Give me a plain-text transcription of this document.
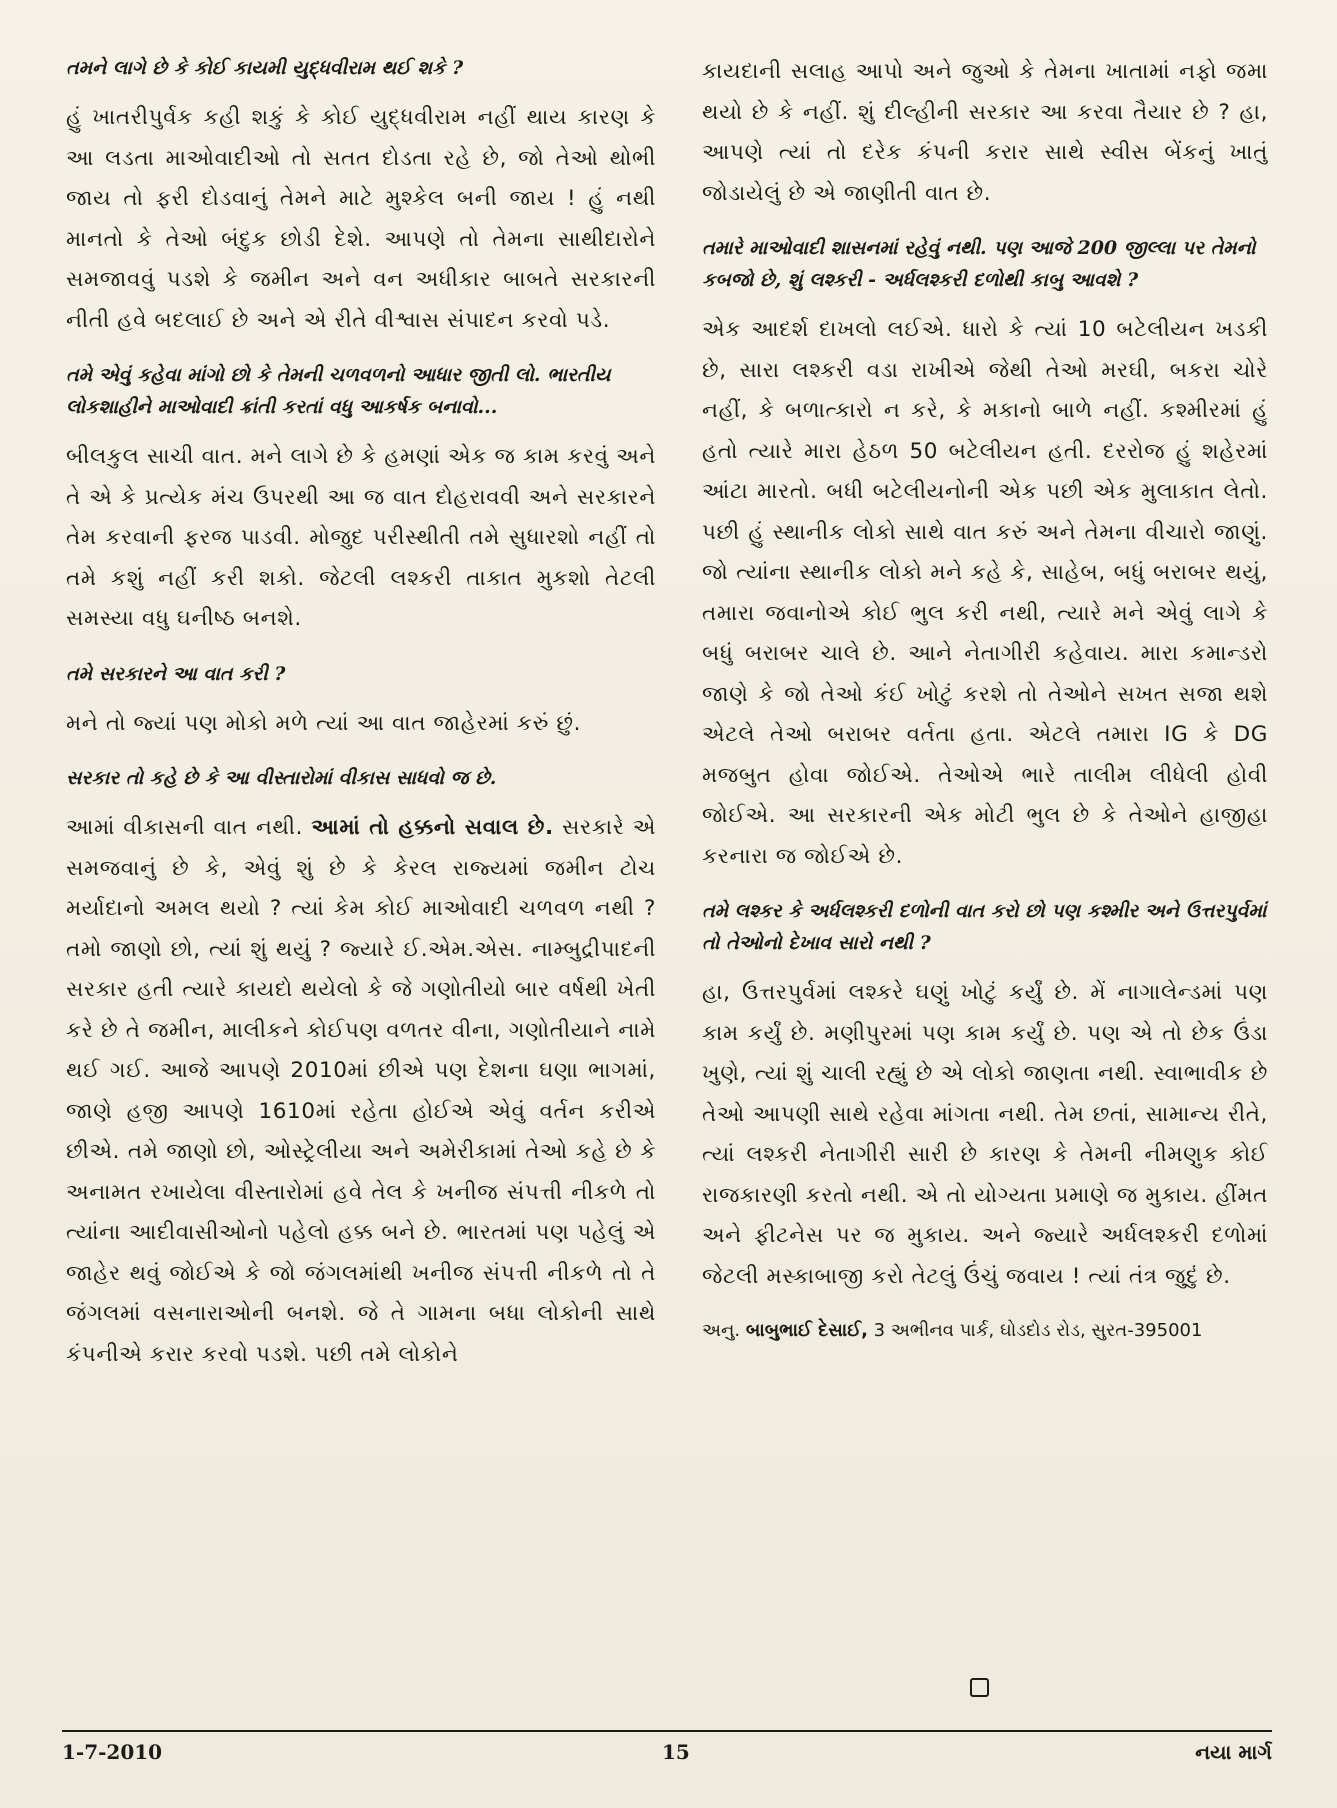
તમને લાગે છે કે કોઈ કાયમી યુદ્ધવીરામ થઈ શકે ?

હું ખાતરીપુર્વક કહી શકું કે કોઈ યુદ્ધવીરામ નહીં થાય કારણ કે આ લડતા માઓવાદીઓ તો સતત દોડતા રહે છે, જો તેઓ થોભી જાય તો ફરી દોડવાનું તેમને માટે મુશ્કેલ બની જાય ! હું નથી માનતો કે તેઓ બંદુક છોડી દેશે. આપણે તો તેમના સાથીદારોને સમજાવવું પડશે કે જમીન અને વન અધીકાર બાબતે સરકારની નીતી હવે બદલાઈ છે અને એ રીતે વીશ્વાસ સંપાદન કરવો પડે.

તમે એવું કહેવા માંગો છો કે તેમની ચળવળનો આધાર જીતી લો. ભારતીય લોકશાહીને માઓવાદી ક્રાંતી કરતાં વધુ આકર્ષક બનાવો...

બીલકુલ સાચી વાત. મને લાગે છે કે હમણાં એક જ કામ કરવું અને તે એ કે પ્રત્યેક મંચ ઉપરથી આ જ વાત દોહરાવવી અને સરકારને તેમ કરવાની ફરજ પાડવી. મોજુદ પરીસ્થીતી તમે સુધારશો નહીં તો તમે કશું નહીં કરી શકો. જેટલી લશ્કરી તાકાત મુકશો તેટલી સમસ્યા વધુ ઘનીષ્ઠ બનશે.

તમે સરકારને આ વાત કરી ?

મને તો જ્યાં પણ મોકો મળે ત્યાં આ વાત જાહેરમાં કરું છું.

સરકાર તો કહે છે કે આ વીસ્તારોમાં વીકાસ સાધવો જ છે.

આમાં વીકાસની વાત નથી. આમાં તો હક્કનો સવાલ છે. સરકારે એ સમજવાનું છે કે, એવું શું છે કે કેરલ રાજ્યમાં જમીન ટોચ મર્યાદાનો અમલ થયો ? ત્યાં કેમ કોઈ માઓવાદી ચળવળ નથી ? તમો જાણો છો, ત્યાં શું થયું ? જ્યારે ઈ.એમ.એસ. નામ્બુદ્રીપાદની સરકાર હતી ત્યારે કાયદો થયેલો કે જે ગણોતીયો બાર વર્ષથી ખેતી કરે છે તે જમીન, માલીકને કોઈપણ વળતર વીના, ગણોતીયાને નામે થઈ ગઈ. આજે આપણે 2010માં છીએ પણ દેશના ઘણા ભાગમાં, જાણે હજી આપણે 1610માં રહેતા હોઈએ એવું વર્તન કરીએ છીએ. તમે જાણો છો, ઓસ્ટ્રેલીયા અને અમેરીકામાં તેઓ કહે છે કે અનામત રખાયેલા વીસ્તારોમાં હવે તેલ કે ખનીજ સંપત્તી નીકળે તો ત્યાંના આદીવાસીઓનો પહેલો હક્ક બને છે. ભારતમાં પણ પહેલું એ જાહેર થવું જોઈએ કે જો જંગલમાંથી ખનીજ સંપત્તી નીકળે તો તે જંગલમાં વસનારાઓની બનશે. જે તે ગામના બધા લોકોની સાથે કંપનીએ કરાર કરવો પડશે. પછી તમે લોકોને

કાયદાની સલાહ આપો અને જુઓ કે તેમના ખાતામાં નફો જમા થયો છે કે નહીં. શું દીલ્હીની સરકાર આ કરવા તૈયાર છે ? હા, આપણે ત્યાં તો દરેક કંપની કરાર સાથે સ્વીસ બેંકનું ખાતું જોડાયેલું છે એ જાણીતી વાત છે.

તમારે માઓવાદી શાસનમાં રહેવું નથી. પણ આજે 200 જીલ્લા પર તેમનો કબજો છે, શું લશ્કરી - અર્ધલશ્કરી દળોથી કાબુ આવશે ?

એક આદર્શ દાખલો લઈએ. ધારો કે ત્યાં 10 બટેલીયન ખડકી છે, સારા લશ્કરી વડા રાખીએ જેથી તેઓ મરઘી, બકરા ચોરે નહીં, કે બળાત્કારો ન કરે, કે મકાનો બાળે નહીં. કશ્મીરમાં હું હતો ત્યારે મારા હેઠળ 50 બટેલીયન હતી. દરરોજ હું શહેરમાં આંટા મારતો. બધી બટેલીયનોની એક પછી એક મુલાકાત લેતો. પછી હું સ્થાનીક લોકો સાથે વાત કરું અને તેમના વીચારો જાણું. જો ત્યાંના સ્થાનીક લોકો મને કહે કે, સાહેબ, બધું બરાબર થયું, તમારા જવાનોએ કોઈ ભુલ કરી નથી, ત્યારે મને એવું લાગે કે બધું બરાબર ચાલે છે. આને નેતાગીરી કહેવાય. મારા કમાન્ડરો જાણે કે જો તેઓ કંઈ ખોટું કરશે તો તેઓને સખત સજા થશે એટલે તેઓ બરાબર વર્તતા હતા. એટલે તમારા IG કે DG મજબુત હોવા જોઈએ. તેઓએ ભારે તાલીમ લીધેલી હોવી જોઈએ. આ સરકારની એક મોટી ભુલ છે કે તેઓને હાજીહા કરનારા જ જોઈએ છે.

તમે લશ્કર કે અર્ધલશ્કરી દળોની વાત કરો છો પણ કશ્મીર અને ઉત્તરપુર્વમાં તો તેઓનો દેખાવ સારો નથી ?

હા, ઉત્તરપુર્વમાં લશ્કરે ઘણું ખોટું કર્યું છે. મેં નાગાલેન્ડમાં પણ કામ કર્યું છે. મણીપુરમાં પણ કામ કર્યું છે. પણ એ તો છેક ઉંડા ખુણે, ત્યાં શું ચાલી રહ્યું છે એ લોકો જાણતા નથી. સ્વાભાવીક છે તેઓ આપણી સાથે રહેવા માંગતા નથી. તેમ છતાં, સામાન્ય રીતે, ત્યાં લશ્કરી નેતાગીરી સારી છે કારણ કે તેમની નીમણુક કોઈ રાજકારણી કરતો નથી. એ તો યોગ્યતા પ્રમાણે જ મુકાય. હીંમત અને ફીટનેસ પર જ મુકાય. અને જ્યારે અર્ધલશ્કરી દળોમાં જેટલી મસ્કાબાજી કરો તેટલું ઉંચું જવાય ! ત્યાં તંત્ર જુદું છે.

અનુ. બાબુભાઈ દેસાઈ, 3 અભીનવ પાર્ક, ઘોડદોડ રોડ, સુરત-395001

1-7-2010	15	નયા માર્ગ
